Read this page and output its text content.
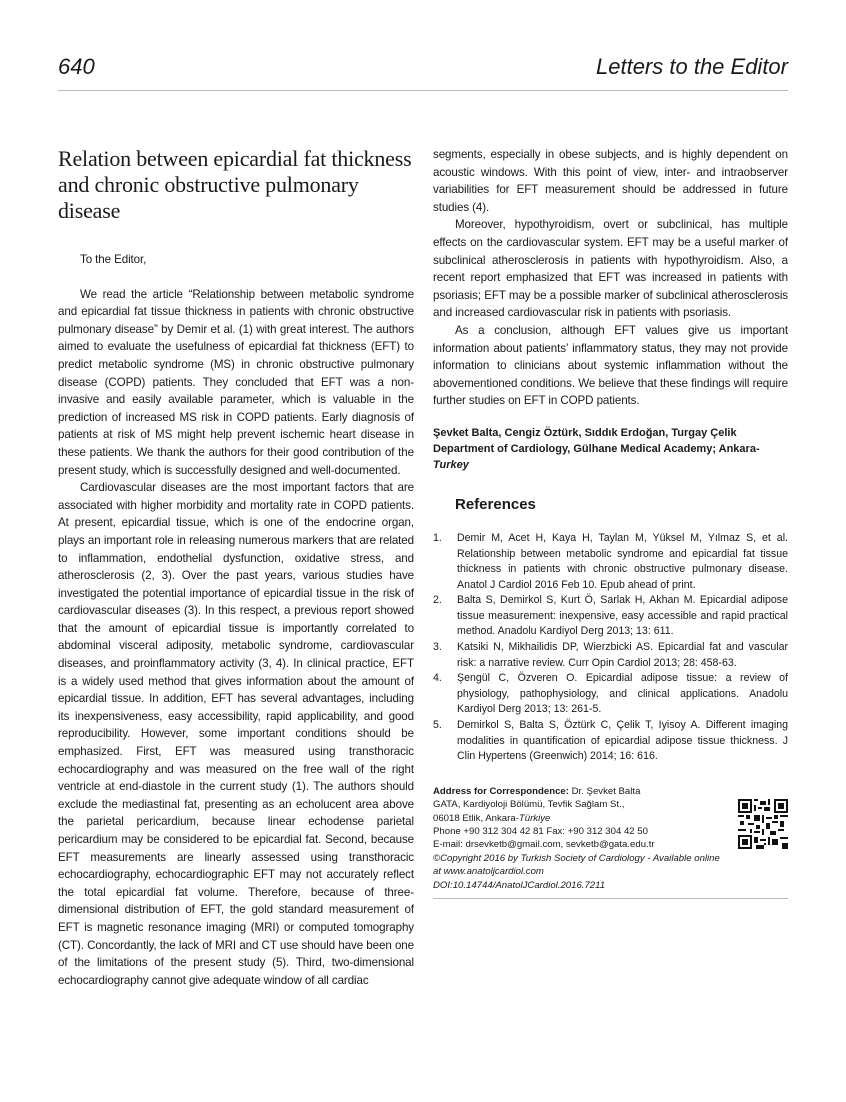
640	Letters to the Editor
Relation between epicardial fat thickness and chronic obstructive pulmonary disease

To the Editor,

We read the article “Relationship between metabolic syndrome and epicardial fat tissue thickness in patients with chronic obstructive pulmonary disease” by Demir et al. (1) with great interest. The authors aimed to evaluate the usefulness of epicardial fat thickness (EFT) to predict metabolic syndrome (MS) in chronic obstructive pulmonary disease (COPD) patients. They concluded that EFT was a non-invasive and easily available parameter, which is valuable in the prediction of increased MS risk in COPD patients. Early diagnosis of patients at risk of MS might help prevent ischemic heart disease in these patients. We thank the authors for their good contribution of the present study, which is successfully designed and well-documented.

Cardiovascular diseases are the most important factors that are associated with higher morbidity and mortality rate in COPD patients. At present, epicardial tissue, which is one of the endocrine organ, plays an important role in releasing numerous markers that are related to inflammation, endothelial dysfunction, oxidative stress, and atherosclerosis (2, 3). Over the past years, various studies have investigated the potential importance of epicardial tissue in the risk of cardiovascular diseases (3). In this respect, a previous report showed that the amount of epicardial tissue is importantly correlated to abdominal visceral adiposity, metabolic syndrome, cardiovascular diseases, and proinflammatory activity (3, 4). In clinical practice, EFT is a widely used method that gives information about the amount of epicardial tissue. In addition, EFT has several advantages, including its inexpensiveness, easy accessibility, rapid applicability, and good reproducibility. However, some important conditions should be emphasized. First, EFT was measured using transthoracic echocardiography and was measured on the free wall of the right ventricle at end-diastole in the current study (1). The authors should exclude the mediastinal fat, presenting as an echolucent area above the parietal pericardium, because linear echodense parietal pericardium may be considered to be epicardial fat. Second, because EFT measurements are linearly assessed using transthoracic echocardiography, echocardiographic EFT may not accurately reflect the total epicardial fat volume. Therefore, because of three-dimensional distribution of EFT, the gold standard measurement of EFT is magnetic resonance imaging (MRI) or computed tomography (CT). Concordantly, the lack of MRI and CT use should have been one of the limitations of the present study (5). Third, two-dimensional echocardiography cannot give adequate window of all cardiac

segments, especially in obese subjects, and is highly dependent on acoustic windows. With this point of view, inter- and intraobserver variabilities for EFT measurement should be addressed in future studies (4).

Moreover, hypothyroidism, overt or subclinical, has multiple effects on the cardiovascular system. EFT may be a useful marker of subclinical atherosclerosis in patients with hypothyroidism. Also, a recent report emphasized that EFT was increased in patients with psoriasis; EFT may be a possible marker of subclinical atherosclerosis and increased cardiovascular risk in patients with psoriasis.

As a conclusion, although EFT values give us important information about patients’ inflammatory status, they may not provide information to clinicians about systemic inflammation without the abovementioned conditions. We believe that these findings will require further studies on EFT in COPD patients.

Şevket Balta, Cengiz Öztürk, Sıddık Erdoğan, Turgay Çelik
Department of Cardiology, Gülhane Medical Academy; Ankara-Turkey
References
1.	Demir M, Acet H, Kaya H, Taylan M, Yüksel M, Yılmaz S, et al. Relationship between metabolic syndrome and epicardial fat tissue thickness in patients with chronic obstructive pulmonary disease. Anatol J Cardiol 2016 Feb 10. Epub ahead of print.
2.	Balta S, Demirkol S, Kurt Ö, Sarlak H, Akhan M. Epicardial adipose tissue measurement: inexpensive, easy accessible and rapid practical method. Anadolu Kardiyol Derg 2013; 13: 611.
3.	Katsiki N, Mikhailidis DP, Wierzbicki AS. Epicardial fat and vascular risk: a narrative review. Curr Opin Cardiol 2013; 28: 458-63.
4.	Şengül C, Özveren O. Epicardial adipose tissue: a review of physiology, pathophysiology, and clinical applications. Anadolu Kardiyol Derg 2013; 13: 261-5.
5.	Demirkol S, Balta S, Öztürk C, Çelik T, Iyisoy A. Different imaging modalities in quantification of epicardial adipose tissue thickness. J Clin Hypertens (Greenwich) 2014; 16: 616.
Address for Correspondence: Dr. Şevket Balta
GATA, Kardiyoloji Bölümü, Tevfik Sağlam St.,
06018 Etlik, Ankara-Türkiye
Phone +90 312 304 42 81 Fax: +90 312 304 42 50
E-mail: drsevketb@gmail.com, sevketb@gata.edu.tr
©Copyright 2016 by Turkish Society of Cardiology - Available online
at www.anatoljcardiol.com
DOI:10.14744/AnatolJCardiol.2016.7211
